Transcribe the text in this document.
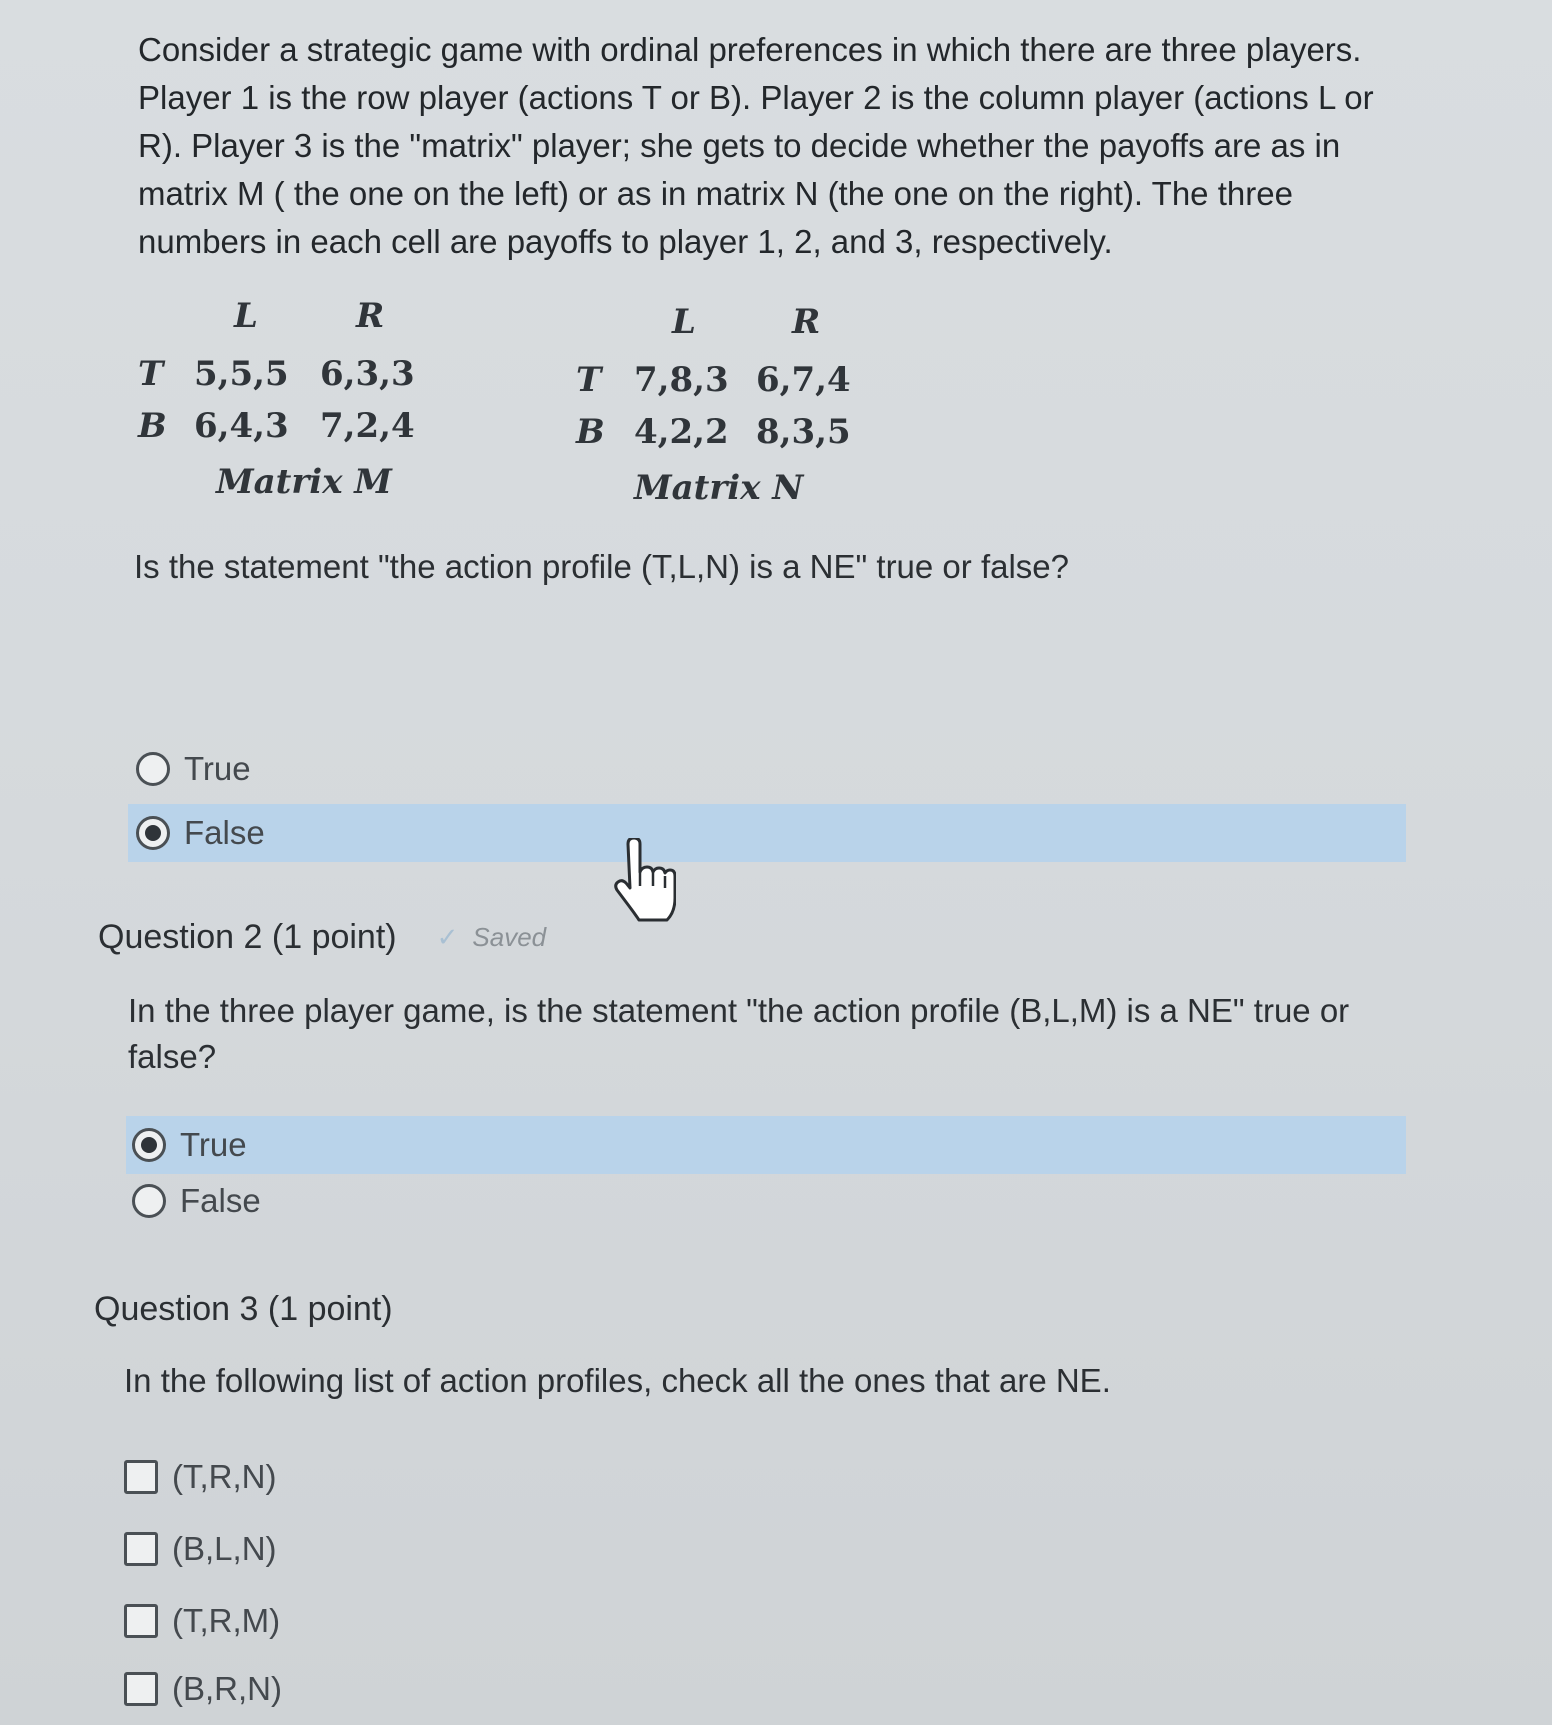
Consider a strategic game with ordinal preferences in which there are three players. Player 1 is the row player (actions T or B). Player 2 is the column player (actions L or R). Player 3 is the "matrix" player; she gets to decide whether the payoffs are as in matrix M ( the one on the left) or as in matrix N (the one on the right). The three numbers in each cell are payoffs to player 1, 2, and 3, respectively.
L	R
T 5,5,5 6,3,3
B 6,4,3 7,2,4
Matrix M
L	R
T 7,8,3 6,7,4
B 4,2,2 8,3,5
Matrix N
Is the statement "the action profile (T,L,N) is a NE" true or false?
True
False
Question 2 (1 point) ✓ Saved
In the three player game, is the statement "the action profile (B,L,M) is a NE" true or false?
True
False
Question 3 (1 point)
In the following list of action profiles, check all the ones that are NE.
(T,R,N)
(B,L,N)
(T,R,M)
(B,R,N)
